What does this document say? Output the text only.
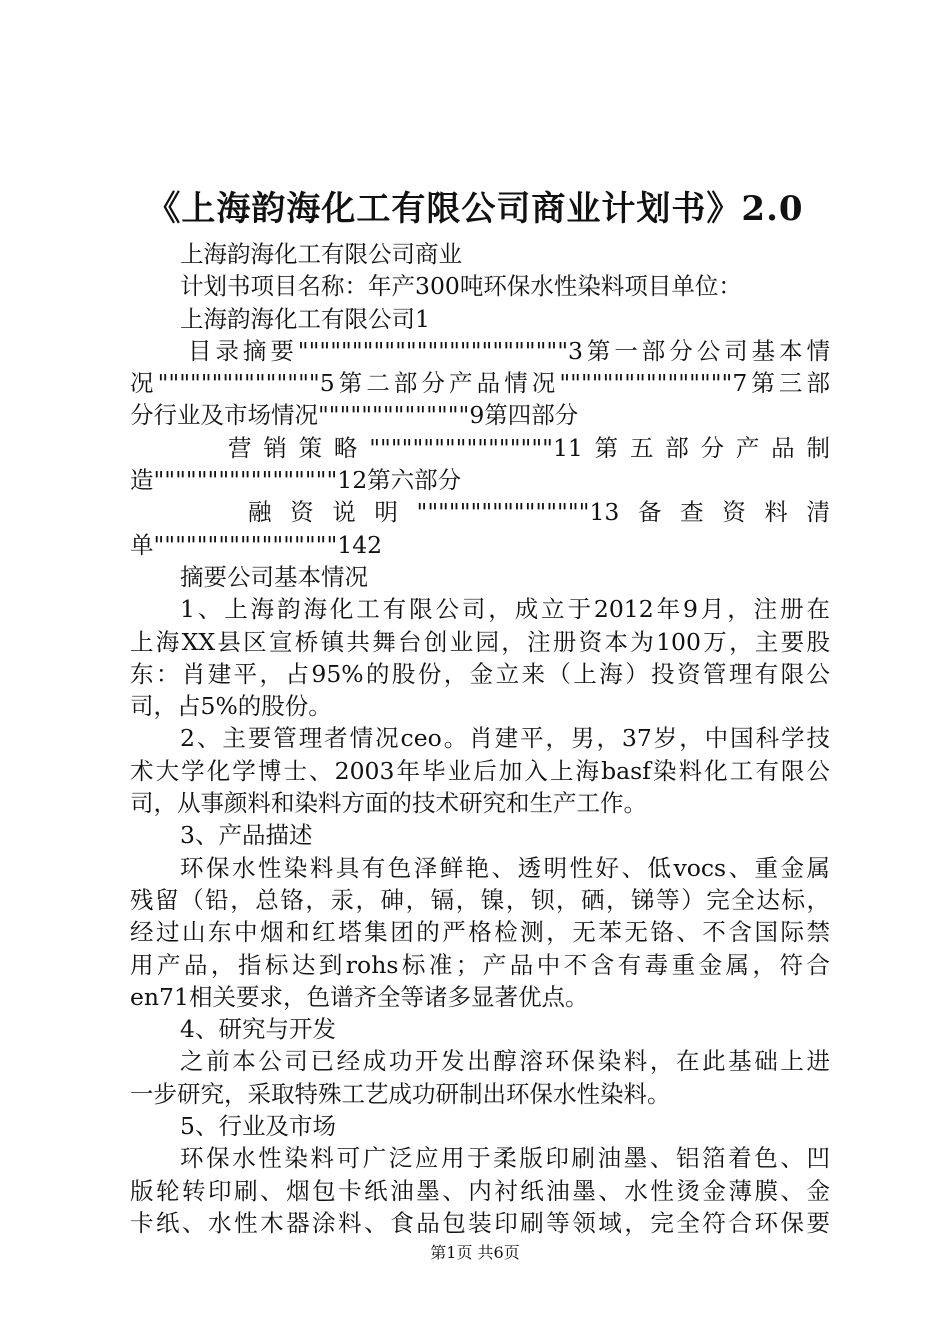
《上海韵海化工有限公司商业计划书》2.0
上海韵海化工有限公司商业
计划书项目名称：年产300吨环保水性染料项目单位：
上海韵海化工有限公司1
目录摘要"""""""""""""""""""""""""3第一部分公司基本情
况"""""""""""""""5第二部分产品情况""""""""""""""""7第三部
分行业及市场情况""""""""""""""9第四部分
营销策略"""""""""""""""""11第五部分产品制
造"""""""""""""""""12第六部分
融资说明""""""""""""""""13备查资料清
单"""""""""""""""""142
摘要公司基本情况
1、上海韵海化工有限公司，成立于2012年9月，注册在
上海XX县区宣桥镇共舞台创业园，注册资本为100万，主要股
东：肖建平，占95%的股份，金立来（上海）投资管理有限公
司，占5%的股份。
2、主要管理者情况ceo。肖建平，男，37岁，中国科学技
术大学化学博士、2003年毕业后加入上海basf染料化工有限公
司，从事颜料和染料方面的技术研究和生产工作。
3、产品描述
环保水性染料具有色泽鲜艳、透明性好、低vocs、重金属
残留（铅，总铬，汞，砷，镉，镍，钡，硒，锑等）完全达标，
经过山东中烟和红塔集团的严格检测，无苯无铬、不含国际禁
用产品，指标达到rohs标准；产品中不含有毒重金属，符合
en71相关要求，色谱齐全等诸多显著优点。
4、研究与开发
之前本公司已经成功开发出醇溶环保染料，在此基础上进
一步研究，采取特殊工艺成功研制出环保水性染料。
5、行业及市场
环保水性染料可广泛应用于柔版印刷油墨、铝箔着色、凹
版轮转印刷、烟包卡纸油墨、内衬纸油墨、水性烫金薄膜、金
卡纸、水性木器涂料、食品包装印刷等领域，完全符合环保要
第1页 共6页
